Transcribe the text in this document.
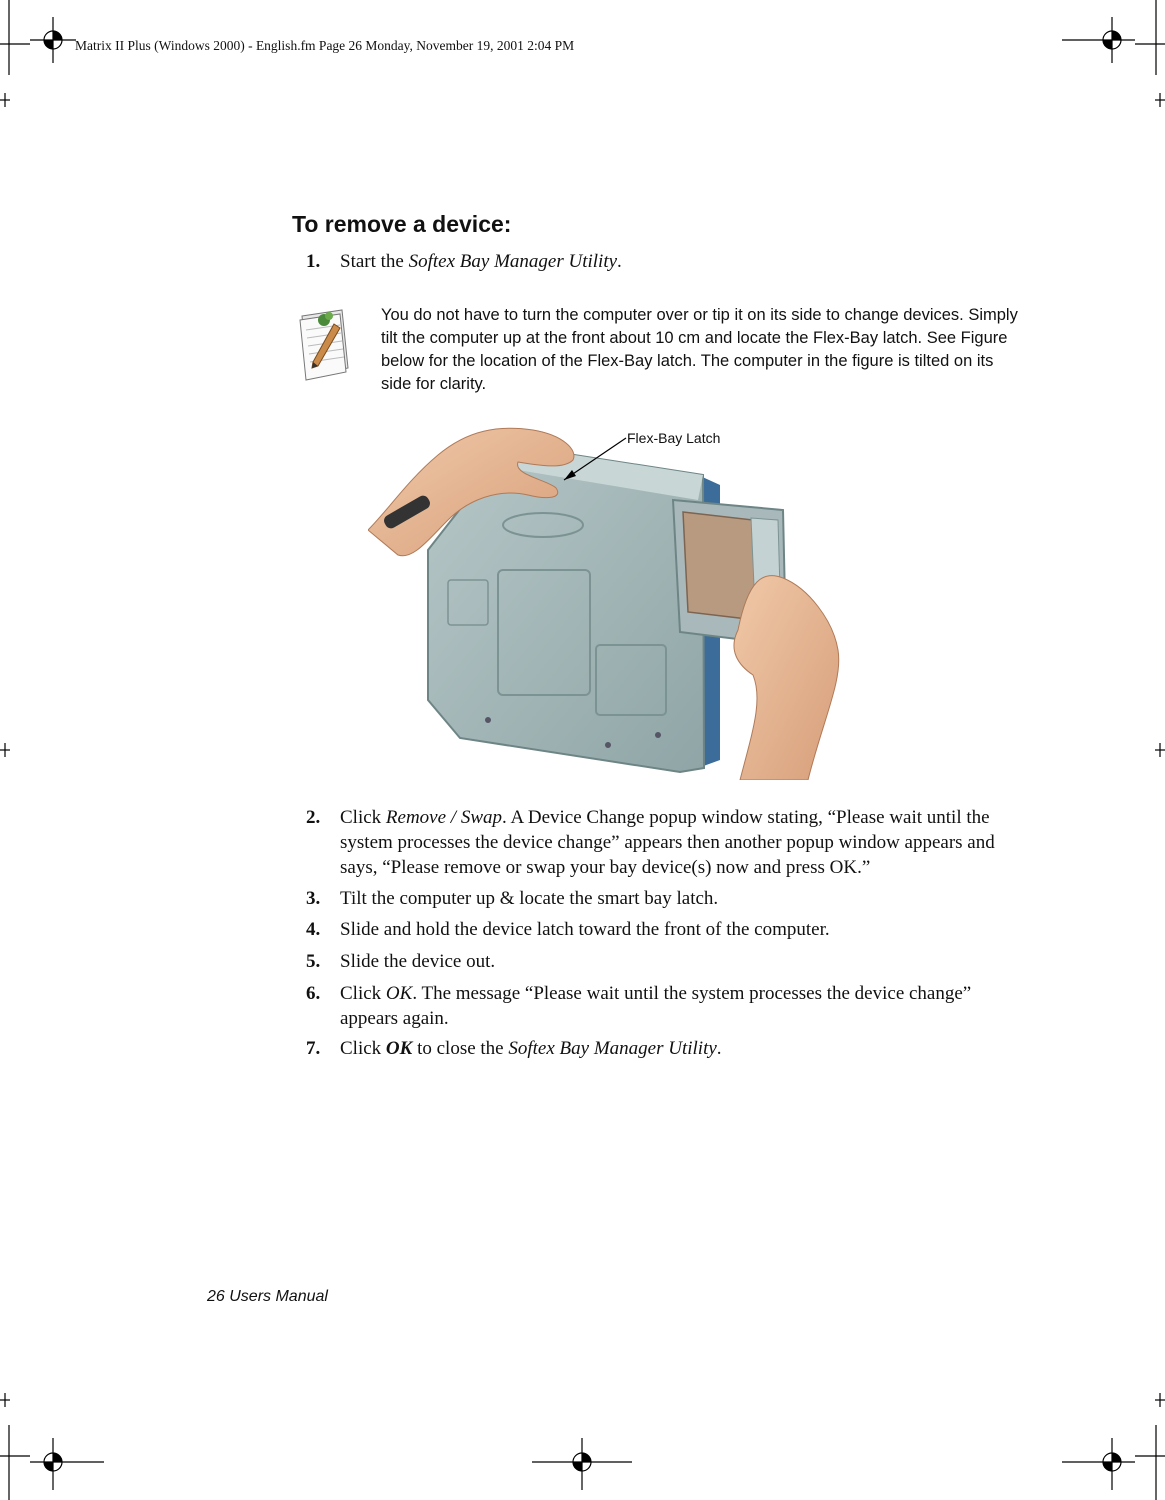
Matrix II Plus (Windows 2000) - English.fm Page 26 Monday, November 19, 2001 2:04 PM
To remove a device:
1. Start the Softex Bay Manager Utility.
You do not have to turn the computer over or tip it on its side to change devices. Simply tilt the computer up at the front about 10 cm and locate the Flex-Bay latch. See Figure below for the location of the Flex-Bay latch. The computer in the figure is tilted on its side for clarity.
Flex-Bay Latch
2. Click Remove / Swap. A Device Change popup window stating, “Please wait until the system processes the device change” appears then another popup window appears and says, “Please remove or swap your bay device(s) now and press OK.”
3. Tilt the computer up & locate the smart bay latch.
4. Slide and hold the device latch toward the front of the computer.
5. Slide the device out.
6. Click OK. The message “Please wait until the system processes the device change” appears again.
7. Click OK to close the Softex Bay Manager Utility.
26 Users Manual
